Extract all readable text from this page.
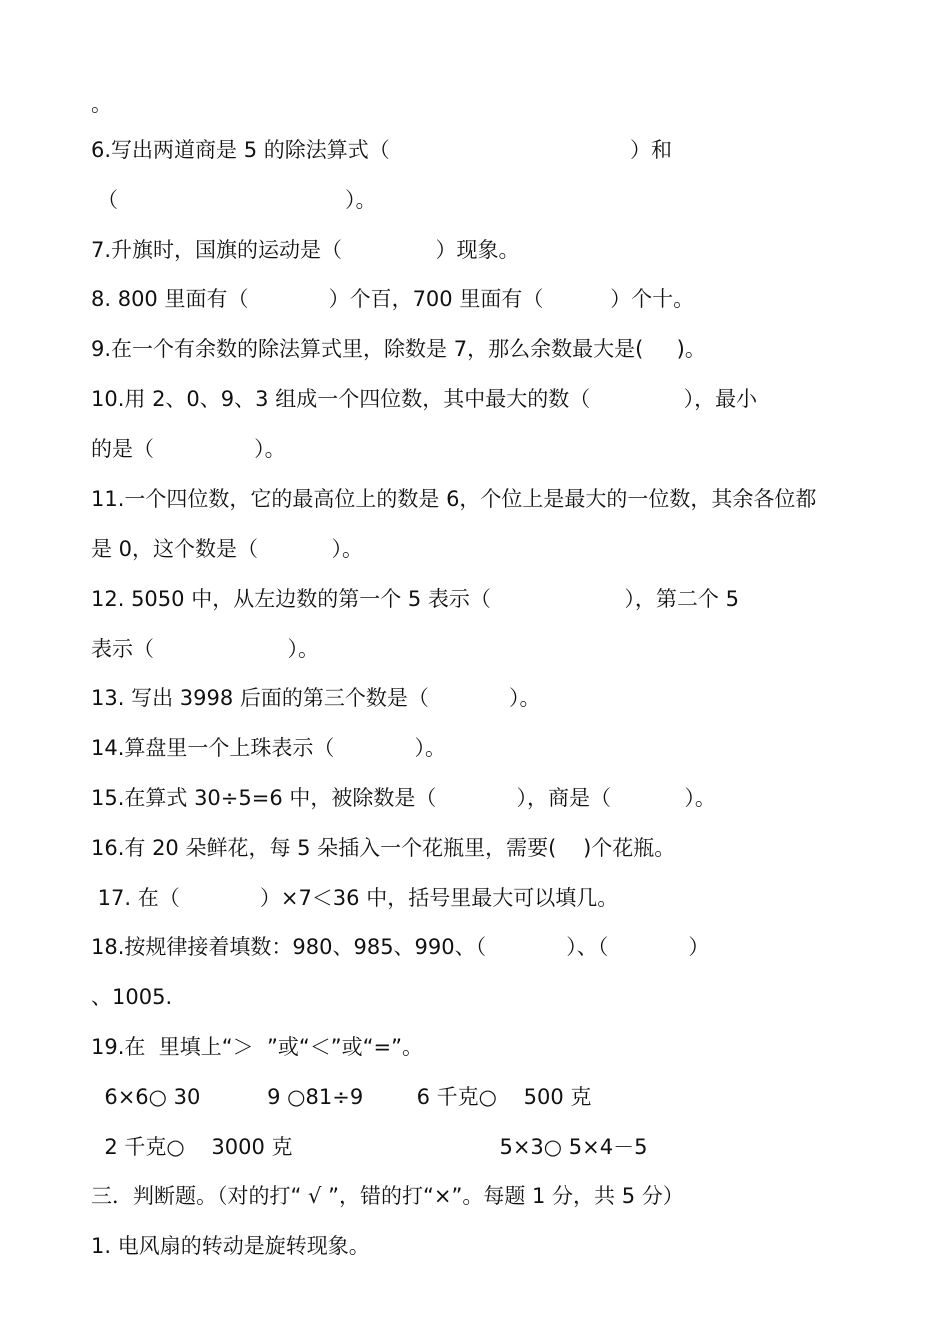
。
6.写出两道商是 5 的除法算式（                                    ）和
（                                  ）。
7.升旗时，国旗的运动是（              ）现象。
8. 800 里面有（            ）个百，700 里面有（          ）个十。
9.在一个有余数的除法算式里，除数是 7，那么余数最大是(     )。
10.用 2、0、9、3 组成一个四位数，其中最大的数（              ），最小
的是（               ）。
11.一个四位数，它的最高位上的数是 6，个位上是最大的一位数，其余各位都
是 0，这个数是（           ）。
12. 5050 中，从左边数的第一个 5 表示（                    ），第二个 5
表示（                    ）。
13. 写出 3998 后面的第三个数是（            ）。
14.算盘里一个上珠表示（            ）。
15.在算式 30÷5=6 中，被除数是（            ），商是（           ）。
16.有 20 朵鲜花，每 5 朵插入一个花瓶里，需要(    )个花瓶。
17. 在（            ）×7＜36 中，括号里最大可以填几。
18.按规律接着填数：980、985、990、（            ）、（            ）
、1005.
19.在  里填上“＞  ”或“＜”或“=”。
6×6○ 30          9 ○81÷9        6 千克○    500 克
2 千克○    3000 克                               5×3○ 5×4－5
三．判断题。（对的打“ √ ”，错的打“×”。每题 1 分，共 5 分）
1. 电风扇的转动是旋转现象。
